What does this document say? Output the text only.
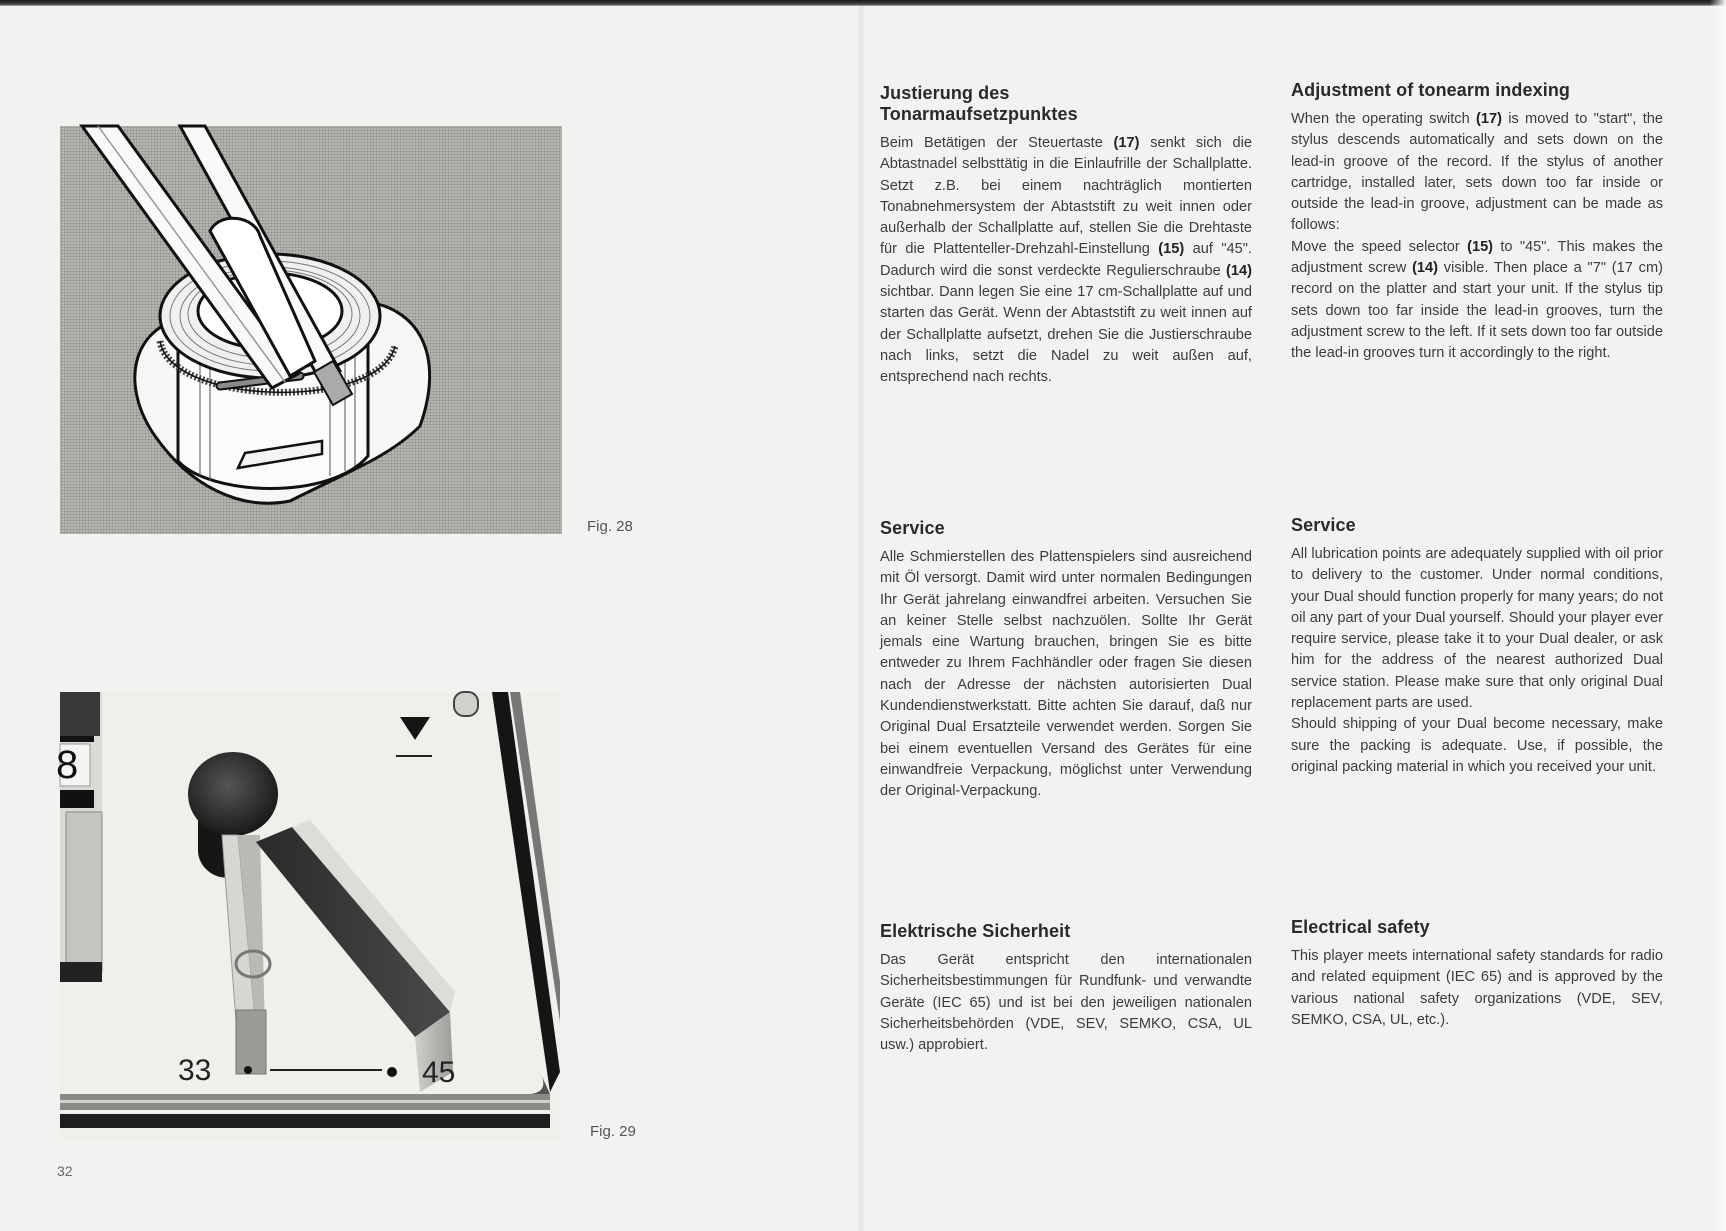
Fig. 28
8
33	45
Fig. 29
32
Justierung des
Tonarmaufsetzpunktes

Beim Betätigen der Steuertaste (17) senkt sich die Abtastnadel selbsttätig in die Einlaufrille der Schallplatte. Setzt z.B. bei einem nachträglich montierten Tonabnehmersystem der Abtaststift zu weit innen oder außerhalb der Schallplatte auf, stellen Sie die Drehtaste für die Plattenteller-Drehzahl-Einstellung (15) auf "45". Dadurch wird die sonst verdeckte Regulierschraube (14) sichtbar. Dann legen Sie eine 17 cm-Schallplatte auf und starten das Gerät. Wenn der Abtaststift zu weit innen auf der Schallplatte aufsetzt, drehen Sie die Justierschraube nach links, setzt die Nadel zu weit außen auf, entsprechend nach rechts.

Service

Alle Schmierstellen des Plattenspielers sind ausreichend mit Öl versorgt. Damit wird unter normalen Bedingungen Ihr Gerät jahrelang einwandfrei arbeiten. Versuchen Sie an keiner Stelle selbst nachzuölen. Sollte Ihr Gerät jemals eine Wartung brauchen, bringen Sie es bitte entweder zu Ihrem Fachhändler oder fragen Sie diesen nach der Adresse der nächsten autorisierten Dual Kundendienstwerkstatt. Bitte achten Sie darauf, daß nur Original Dual Ersatzteile verwendet werden. Sorgen Sie bei einem eventuellen Versand des Gerätes für eine einwandfreie Verpackung, möglichst unter Verwendung der Original-Verpackung.

Elektrische Sicherheit

Das Gerät entspricht den internationalen Sicherheitsbestimmungen für Rundfunk- und verwandte Geräte (IEC 65) und ist bei den jeweiligen nationalen Sicherheitsbehörden (VDE, SEV, SEMKO, CSA, UL usw.) approbiert.

Adjustment of tonearm indexing

When the operating switch (17) is moved to "start", the stylus descends automatically and sets down on the lead-in groove of the record. If the stylus of another cartridge, installed later, sets down too far inside or outside the lead-in groove, adjustment can be made as follows:

Move the speed selector (15) to "45". This makes the adjustment screw (14) visible. Then place a "7" (17 cm) record on the platter and start your unit. If the stylus tip sets down too far inside the lead-in grooves, turn the adjustment screw to the left. If it sets down too far outside the lead-in grooves turn it accordingly to the right.

Service

All lubrication points are adequately supplied with oil prior to delivery to the customer. Under normal conditions, your Dual should function properly for many years; do not oil any part of your Dual yourself. Should your player ever require service, please take it to your Dual dealer, or ask him for the address of the nearest authorized Dual service station. Please make sure that only original Dual replacement parts are used.

Should shipping of your Dual become necessary, make sure the packing is adequate. Use, if possible, the original packing material in which you received your unit.

Electrical safety

This player meets international safety standards for radio and related equipment (IEC 65) and is approved by the various national safety organizations (VDE, SEV, SEMKO, CSA, UL, etc.).
